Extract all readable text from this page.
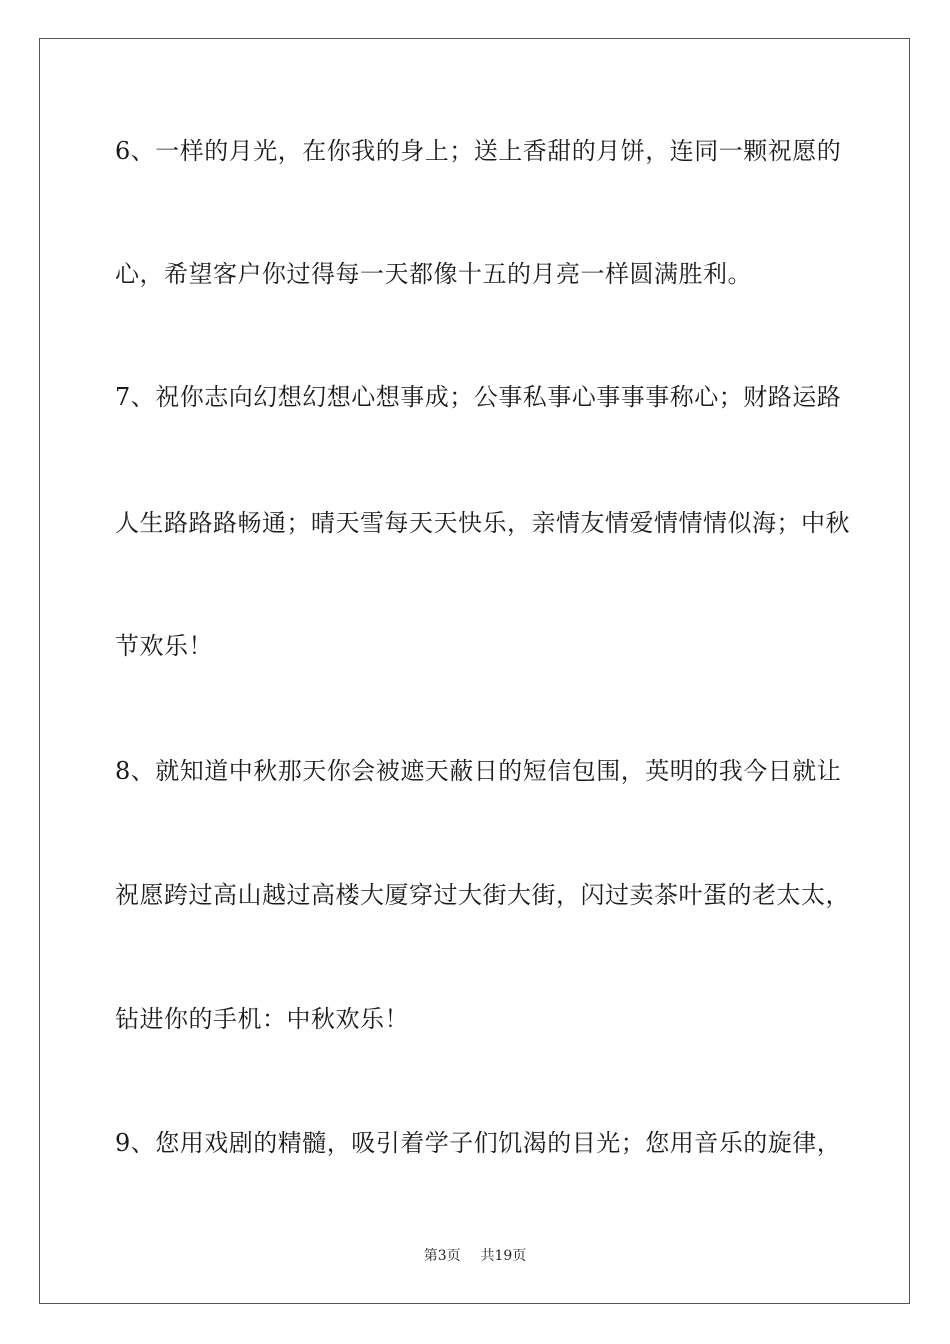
6、一样的月光，在你我的身上；送上香甜的月饼，连同一颗祝愿的
心，希望客户你过得每一天都像十五的月亮一样圆满胜利。
7、祝你志向幻想幻想心想事成；公事私事心事事事称心；财路运路
人生路路路畅通；晴天雪每天天快乐，亲情友情爱情情情似海；中秋
节欢乐！
8、就知道中秋那天你会被遮天蔽日的短信包围，英明的我今日就让
祝愿跨过高山越过高楼大厦穿过大街大街，闪过卖茶叶蛋的老太太，
钻进你的手机：中秋欢乐！
9、您用戏剧的精髓，吸引着学子们饥渴的目光；您用音乐的旋律，
第3页 共19页
